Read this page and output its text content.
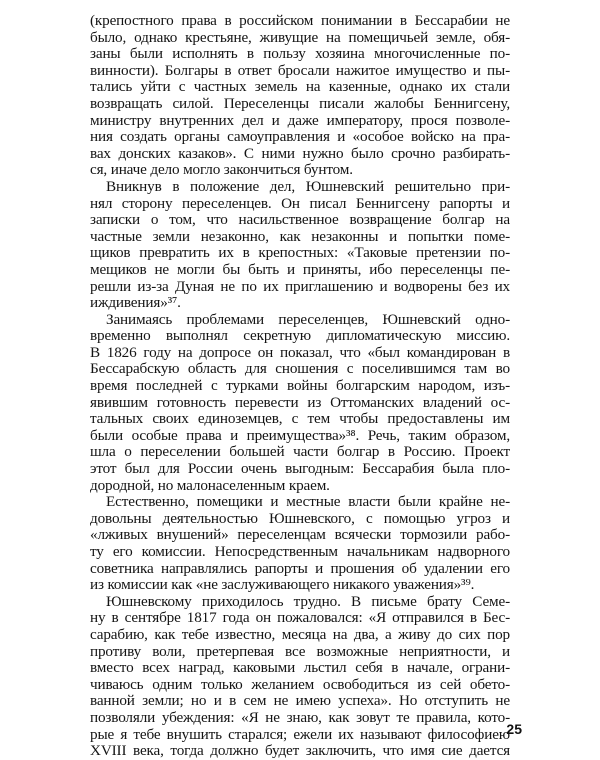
(крепостного права в российском понимании в Бессарабии не
было, однако крестьяне, живущие на помещичьей земле, обя-
заны были исполнять в пользу хозяина многочисленные по-
винности). Болгары в ответ бросали нажитое имущество и пы-
тались уйти с частных земель на казенные, однако их стали
возвращать силой. Переселенцы писали жалобы Беннигсену,
министру внутренних дел и даже императору, прося позволе-
ния создать органы самоуправления и «особое войско на пра-
вах донских казаков». С ними нужно было срочно разбирать-
ся, иначе дело могло закончиться бунтом.
Вникнув в положение дел, Юшневский решительно при-
нял сторону переселенцев. Он писал Беннигсену рапорты и
записки о том, что насильственное возвращение болгар на
частные земли незаконно, как незаконны и попытки поме-
щиков превратить их в крепостных: «Таковые претензии по-
мещиков не могли бы быть и приняты, ибо переселенцы пе-
решли из-за Дуная не по их приглашению и водворены без их
иждивения»³⁷.
Занимаясь проблемами переселенцев, Юшневский одно-
временно выполнял секретную дипломатическую миссию.
В 1826 году на допросе он показал, что «был командирован в
Бессарабскую область для сношения с поселившимся там во
время последней с турками войны болгарским народом, изъ-
явившим готовность перевести из Оттоманских владений ос-
тальных своих единоземцев, с тем чтобы предоставлены им
были особые права и преимущества»³⁸. Речь, таким образом,
шла о переселении большей части болгар в Россию. Проект
этот был для России очень выгодным: Бессарабия была пло-
дородной, но малонаселенным краем.
Естественно, помещики и местные власти были крайне не-
довольны деятельностью Юшневского, с помощью угроз и
«лживых внушений» переселенцам всячески тормозили рабо-
ту его комиссии. Непосредственным начальникам надворного
советника направлялись рапорты и прошения об удалении его
из комиссии как «не заслуживающего никакого уважения»³⁹.
Юшневскому приходилось трудно. В письме брату Семе-
ну в сентябре 1817 года он пожаловался: «Я отправился в Бес-
сарабию, как тебе известно, месяца на два, а живу до сих пор
противу воли, претерпевая все возможные неприятности, и
вместо всех наград, каковыми льстил себя в начале, ограни-
чиваюсь одним только желанием освободиться из сей обето-
ванной земли; но и в сем не имею успеха». Но отступить не
позволяли убеждения: «Я не знаю, как зовут те правила, кото-
рые я тебе внушить старался; ежели их называют философиею
XVIII века, тогда должно будет заключить, что имя сие дается
25
